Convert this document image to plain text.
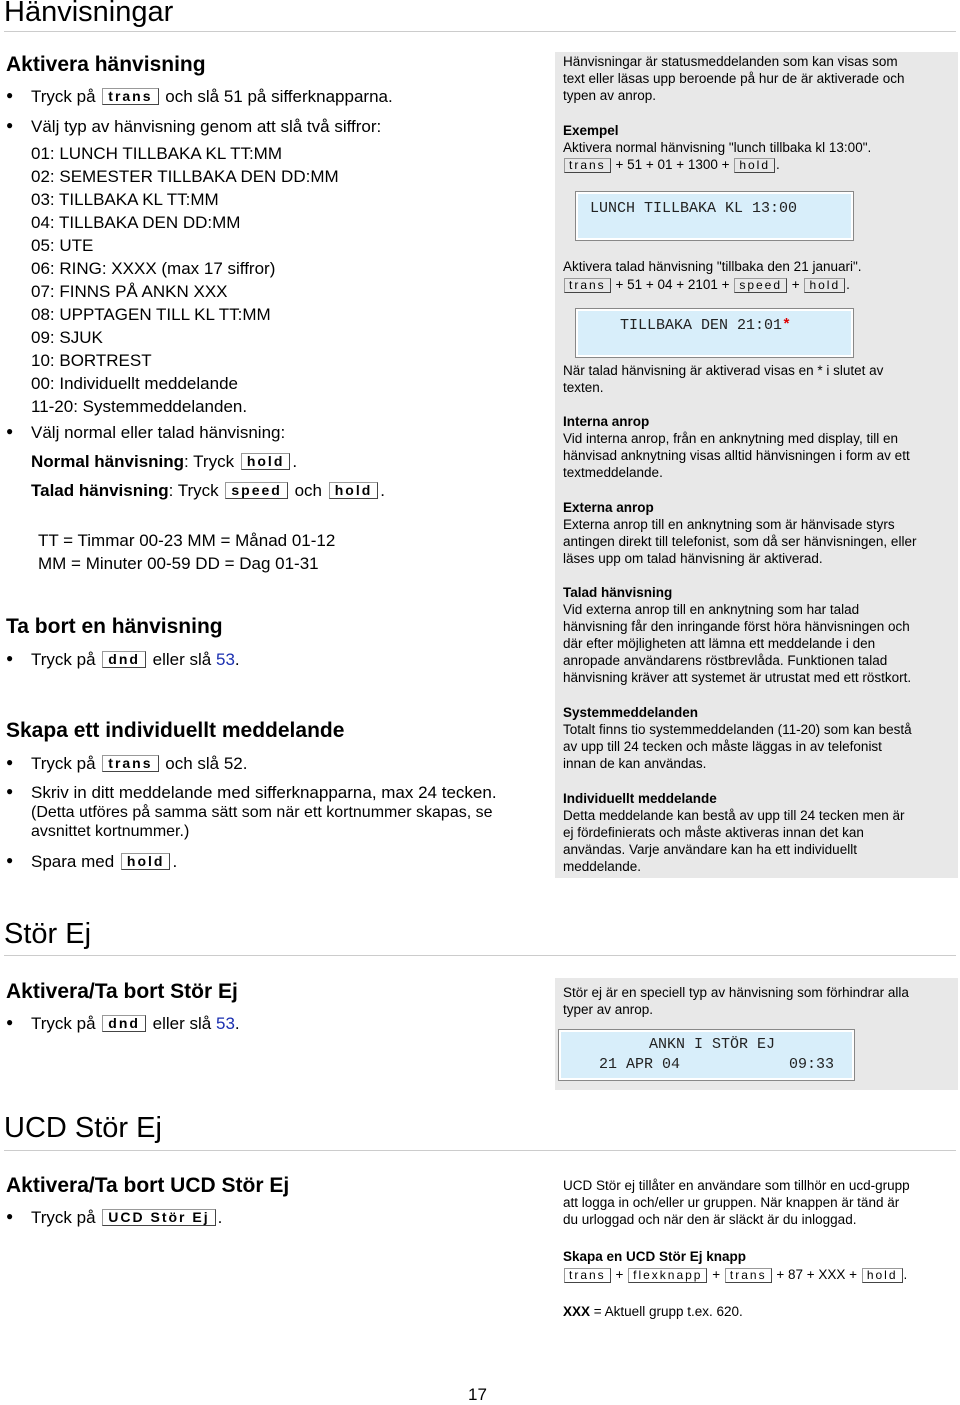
Hänvisningar
Aktivera hänvisning
● Tryck på trans och slå 51 på sifferknapparna.
● Välj typ av hänvisning genom att slå två siffror:
01: LUNCH TILLBAKA KL TT:MM
02: SEMESTER TILLBAKA DEN DD:MM
03: TILLBAKA KL TT:MM
04: TILLBAKA DEN DD:MM
05: UTE
06: RING: XXXX (max 17 siffror)
07: FINNS PÅ ANKN XXX
08: UPPTAGEN TILL KL TT:MM
09: SJUK
10: BORTREST
00: Individuellt meddelande
11-20: Systemmeddelanden.
● Välj normal eller talad hänvisning:
Normal hänvisning: Tryck hold .
Talad hänvisning: Tryck speed och hold .
TT = Timmar 00-23 MM = Månad 01-12
MM = Minuter 00-59 DD = Dag 01-31
Ta bort en hänvisning
● Tryck på dnd eller slå 53.
Skapa ett individuellt meddelande
● Tryck på trans och slå 52.
● Skriv in ditt meddelande med sifferknapparna, max 24 tecken.
(Detta utföres på samma sätt som när ett kortnummer skapas, se
avsnittet kortnummer.)
● Spara med hold .
Hänvisningar är statusmeddelanden som kan visas som
text eller läsas upp beroende på hur de är aktiverade och
typen av anrop.
Exempel
Aktivera normal hänvisning "lunch tillbaka kl 13:00".
trans + 51 + 01 + 1300 + hold .
LUNCH TILLBAKA KL 13:00
Aktivera talad hänvisning "tillbaka den 21 januari".
trans + 51 + 04 + 2101 + speed + hold .
TILLBAKA DEN 21:01*
När talad hänvisning är aktiverad visas en * i slutet av
texten.
Interna anrop
Vid interna anrop, från en anknytning med display, till en
hänvisad anknytning visas alltid hänvisningen i form av ett
textmeddelande.
Externa anrop
Externa anrop till en anknytning som är hänvisade styrs
antingen direkt till telefonist, som då ser hänvisningen, eller
läses upp om talad hänvisning är aktiverad.
Talad hänvisning
Vid externa anrop till en anknytning som har talad
hänvisning får den inringande först höra hänvisningen och
där efter möjligheten att lämna ett meddelande i den
anropade användarens röstbrevlåda. Funktionen talad
hänvisning kräver att systemet är utrustat med ett röstkort.
Systemmeddelanden
Totalt finns tio systemmeddelanden (11-20) som kan bestå
av upp till 24 tecken och måste läggas in av telefonist
innan de kan användas.
Individuellt meddelande
Detta meddelande kan bestå av upp till 24 tecken men är
ej fördefinierats och måste aktiveras innan det kan
användas. Varje användare kan ha ett individuellt
meddelande.
Stör Ej
Aktivera/Ta bort Stör Ej
● Tryck på dnd eller slå 53.
Stör ej är en speciell typ av hänvisning som förhindrar alla
typer av anrop.
ANKN I STÖR EJ
21 APR 04	09:33
UCD Stör Ej
Aktivera/Ta bort UCD Stör Ej
● Tryck på UCD Stör Ej .
UCD Stör ej tillåter en användare som tillhör en ucd-grupp
att logga in och/eller ur gruppen. När knappen är tänd är
du urloggad och när den är släckt är du inloggad.
Skapa en UCD Stör Ej knapp
trans + flexknapp + trans + 87 + XXX + hold .
XXX = Aktuell grupp t.ex. 620.
17
